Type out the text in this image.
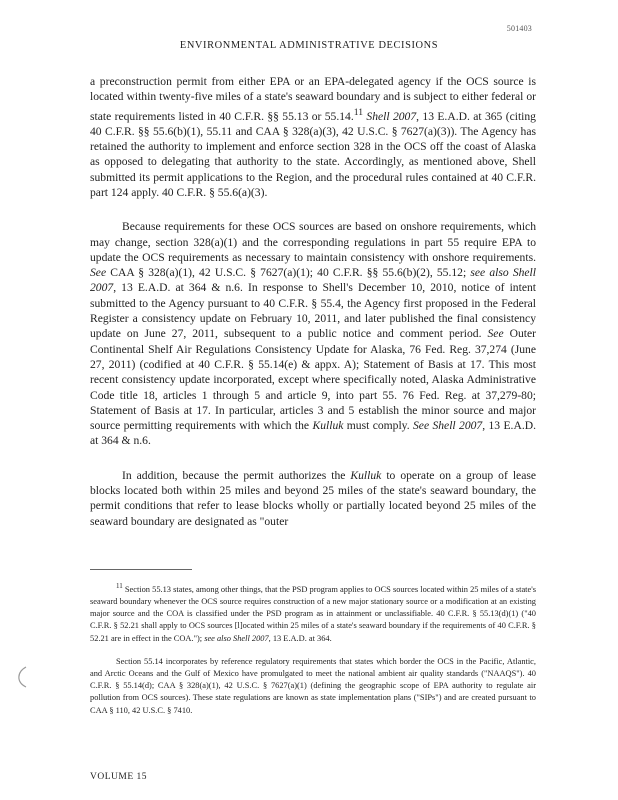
501403
ENVIRONMENTAL ADMINISTRATIVE DECISIONS

a preconstruction permit from either EPA or an EPA-delegated agency if the OCS source is located within twenty-five miles of a state's seaward boundary and is subject to either federal or state requirements listed in 40 C.F.R. §§ 55.13 or 55.14.11 Shell 2007, 13 E.A.D. at 365 (citing 40 C.F.R. §§ 55.6(b)(1), 55.11 and CAA § 328(a)(3), 42 U.S.C. § 7627(a)(3)). The Agency has retained the authority to implement and enforce section 328 in the OCS off the coast of Alaska as opposed to delegating that authority to the state. Accordingly, as mentioned above, Shell submitted its permit applications to the Region, and the procedural rules contained at 40 C.F.R. part 124 apply. 40 C.F.R. § 55.6(a)(3).

Because requirements for these OCS sources are based on onshore requirements, which may change, section 328(a)(1) and the corresponding regulations in part 55 require EPA to update the OCS requirements as necessary to maintain consistency with onshore requirements. See CAA § 328(a)(1), 42 U.S.C. § 7627(a)(1); 40 C.F.R. §§ 55.6(b)(2), 55.12; see also Shell 2007, 13 E.A.D. at 364 & n.6. In response to Shell's December 10, 2010, notice of intent submitted to the Agency pursuant to 40 C.F.R. § 55.4, the Agency first proposed in the Federal Register a consistency update on February 10, 2011, and later published the final consistency update on June 27, 2011, subsequent to a public notice and comment period. See Outer Continental Shelf Air Regulations Consistency Update for Alaska, 76 Fed. Reg. 37,274 (June 27, 2011) (codified at 40 C.F.R. § 55.14(e) & appx. A); Statement of Basis at 17. This most recent consistency update incorporated, except where specifically noted, Alaska Administrative Code title 18, articles 1 through 5 and article 9, into part 55. 76 Fed. Reg. at 37,279-80; Statement of Basis at 17. In particular, articles 3 and 5 establish the minor source and major source permitting requirements with which the Kulluk must comply. See Shell 2007, 13 E.A.D. at 364 & n.6.

In addition, because the permit authorizes the Kulluk to operate on a group of lease blocks located both within 25 miles and beyond 25 miles of the state's seaward boundary, the permit conditions that refer to lease blocks wholly or partially located beyond 25 miles of the seaward boundary are designated as "outer

$^{11}$ Section 55.13 states, among other things, that the PSD program applies to OCS sources located within 25 miles of a state's seaward boundary whenever the OCS source requires construction of a new major stationary source or a modification at an existing major source and the COA is classified under the PSD program as in attainment or unclassifiable. 40 C.F.R. § 55.13(d)(1) ("40 C.F.R. § 52.21 shall apply to OCS sources [l]ocated within 25 miles of a state's seaward boundary if the requirements of 40 C.F.R. § 52.21 are in effect in the COA."); see also Shell 2007, 13 E.A.D. at 364.

Section 55.14 incorporates by reference regulatory requirements that states which border the OCS in the Pacific, Atlantic, and Arctic Oceans and the Gulf of Mexico have promulgated to meet the national ambient air quality standards ("NAAQS"). 40 C.F.R. § 55.14(d); CAA § 328(a)(1), 42 U.S.C. § 7627(a)(1) (defining the geographic scope of EPA authority to regulate air pollution from OCS sources). These state regulations are known as state implementation plans ("SIPs") and are created pursuant to CAA § 110, 42 U.S.C. § 7410.

VOLUME 15
